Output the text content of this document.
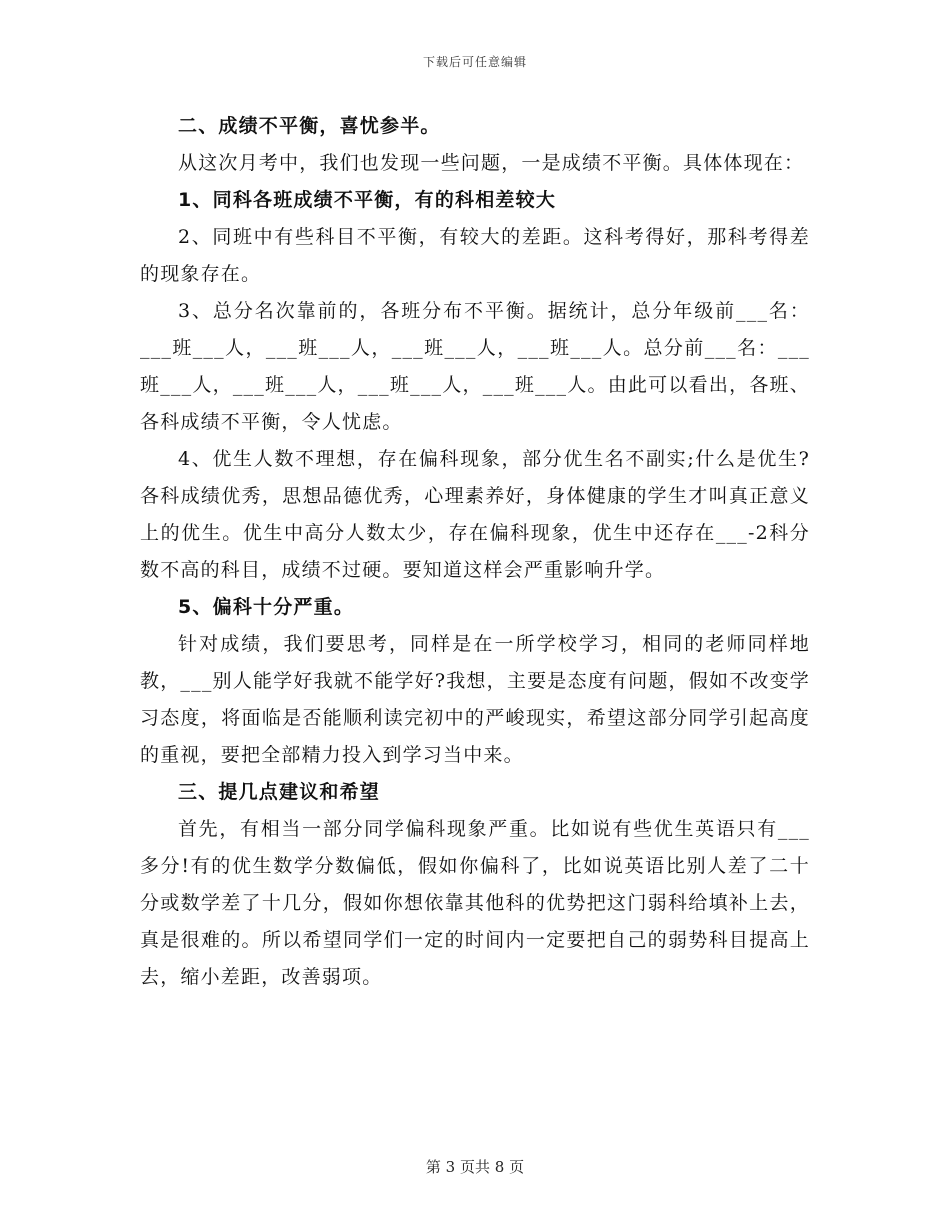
下载后可任意编辑

二、成绩不平衡，喜忧参半。

从这次月考中，我们也发现一些问题，一是成绩不平衡。具体体现在：

1、同科各班成绩不平衡，有的科相差较大

2、同班中有些科目不平衡，有较大的差距。这科考得好，那科考得差的现象存在。

3、总分名次靠前的，各班分布不平衡。据统计，总分年级前___名：___班___人，___班___人，___班___人，___班___人。总分前___名：___班___人，___班___人，___班___人，___班___人。由此可以看出，各班、各科成绩不平衡，令人忧虑。

4、优生人数不理想，存在偏科现象，部分优生名不副实;什么是优生?各科成绩优秀，思想品德优秀，心理素养好，身体健康的学生才叫真正意义上的优生。优生中高分人数太少，存在偏科现象，优生中还存在___-2科分数不高的科目，成绩不过硬。要知道这样会严重影响升学。

5、偏科十分严重。

针对成绩，我们要思考，同样是在一所学校学习，相同的老师同样地教，___别人能学好我就不能学好?我想，主要是态度有问题，假如不改变学习态度，将面临是否能顺利读完初中的严峻现实，希望这部分同学引起高度的重视，要把全部精力投入到学习当中来。

三、提几点建议和希望

首先，有相当一部分同学偏科现象严重。比如说有些优生英语只有___多分!有的优生数学分数偏低，假如你偏科了，比如说英语比别人差了二十分或数学差了十几分，假如你想依靠其他科的优势把这门弱科给填补上去，真是很难的。所以希望同学们一定的时间内一定要把自己的弱势科目提高上去，缩小差距，改善弱项。

第 3 页共 8 页
